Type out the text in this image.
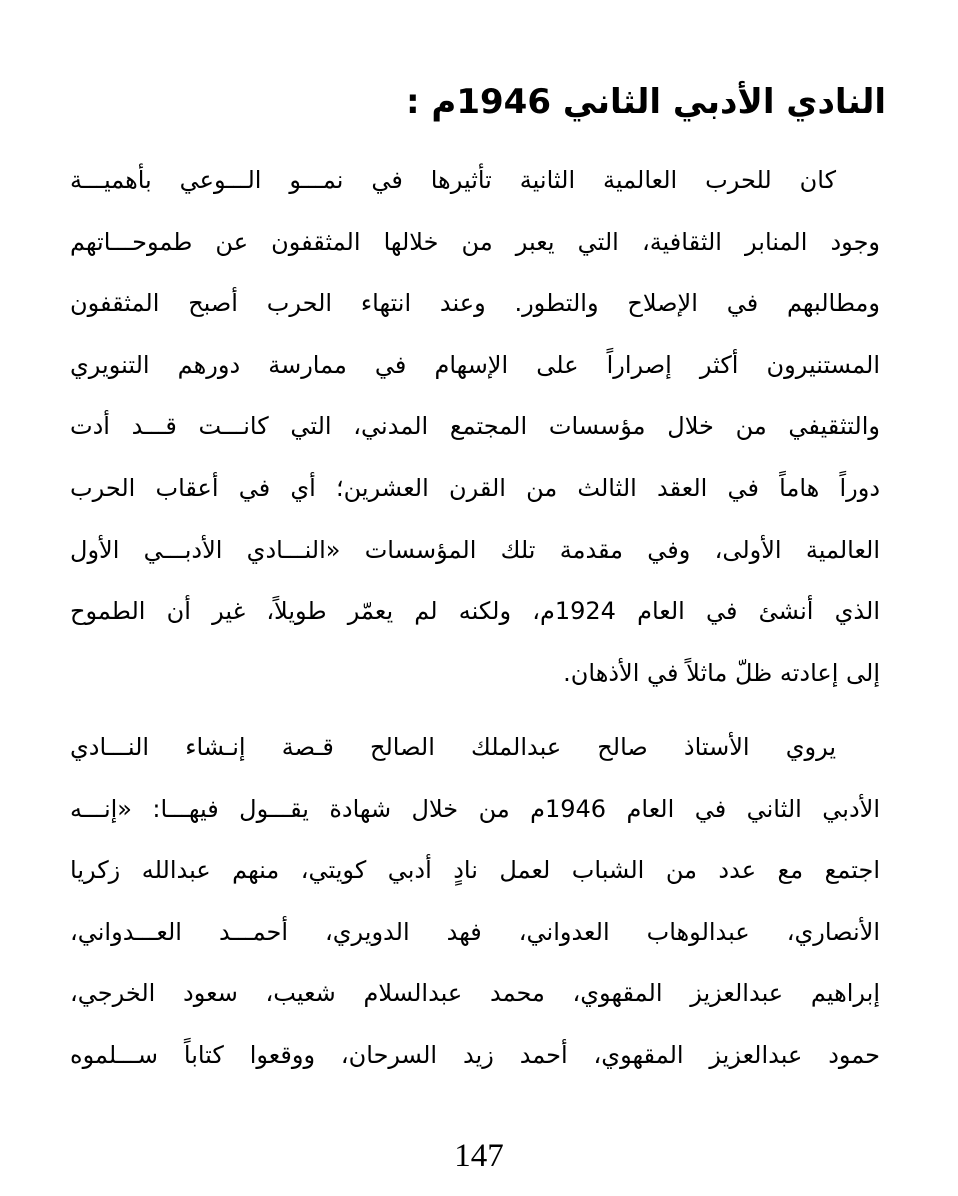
النادي الأدبي الثاني 1946م :
كان للحرب العالمية الثانية تأثيرها في نمـــو الـــوعي بأهميـــة
وجود المنابر الثقافية، التي يعبر من خلالها المثقفون عن طموحـــاتهم
ومطالبهم في الإصلاح والتطور. وعند انتهاء الحرب أصبح المثقفون
المستنيرون أكثر إصراراً على الإسهام في ممارسة دورهم التنويري
والتثقيفي من خلال مؤسسات المجتمع المدني، التي كانـــت قـــد أدت
دوراً هاماً في العقد الثالث من القرن العشرين؛ أي في أعقاب الحرب
العالمية الأولى، وفي مقدمة تلك المؤسسات «النـــادي الأدبـــي الأول
الذي أنشئ في العام 1924م، ولكنه لم يعمّر طويلاً، غير أن الطموح
إلى إعادته ظلّ ماثلاً في الأذهان.
يروي الأستاذ صالح عبدالملك الصالح قـصة إنـشاء النـــادي
الأدبي الثاني في العام 1946م من خلال شهادة يقـــول فيهـــا: «إنـــه
اجتمع مع عدد من الشباب لعمل نادٍ أدبي كويتي، منهم عبدالله زكريا
الأنصاري، عبدالوهاب العدواني، فهد الدويري، أحمـــد العـــدواني،
إبراهيم عبدالعزيز المقهوي، محمد عبدالسلام شعيب، سعود الخرجي،
حمود عبدالعزيز المقهوي، أحمد زيد السرحان، ووقعوا كتاباً ســـلموه
147
